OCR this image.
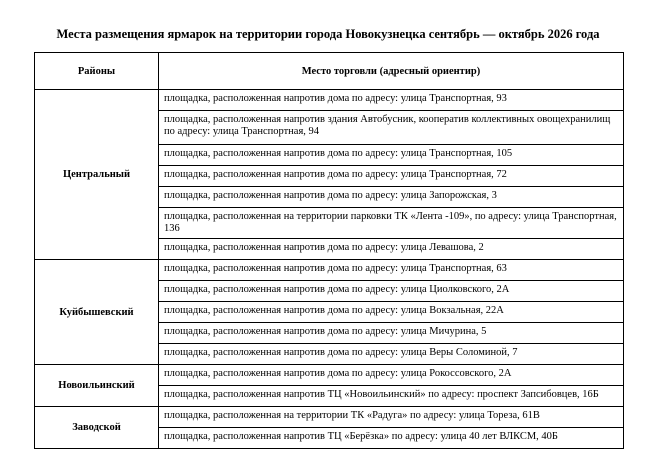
Места размещения ярмарок на территории города Новокузнецка сентябрь — октябрь 2026 года
Районы	Место торговли (адресный ориентир)
Центральный	площадка, расположенная напротив дома по адресу: улица Транспортная, 93
	площадка, расположенная напротив здания Автобусник, кооператив коллективных овощехранилищ по адресу: улица Транспортная, 94
	площадка, расположенная напротив дома по адресу: улица Транспортная, 105
	площадка, расположенная напротив дома по адресу: улица Транспортная, 72
	площадка, расположенная напротив дома по адресу: улица Запорожская, 3
	площадка, расположенная на территории парковки ТК «Лента -109», по адресу: улица Транспортная, 136
	площадка, расположенная напротив дома по адресу: улица Левашова, 2
Куйбышевский	площадка, расположенная напротив дома по адресу: улица Транспортная, 63
	площадка, расположенная напротив дома по адресу: улица Циолковского, 2А
	площадка, расположенная напротив дома по адресу: улица Вокзальная, 22А
	площадка, расположенная напротив дома по адресу: улица Мичурина, 5
	площадка, расположенная напротив дома по адресу: улица Веры Соломиной, 7
Новоильинский	площадка, расположенная напротив дома по адресу: улица Рокоссовского, 2А
	площадка, расположенная напротив ТЦ «Новоильинский» по адресу: проспект Запсибовцев, 16Б
Заводской	площадка, расположенная на территории ТК «Радуга» по адресу: улица Тореза, 61В
	площадка, расположенная напротив ТЦ «Берёзка» по адресу: улица 40 лет ВЛКСМ, 40Б
